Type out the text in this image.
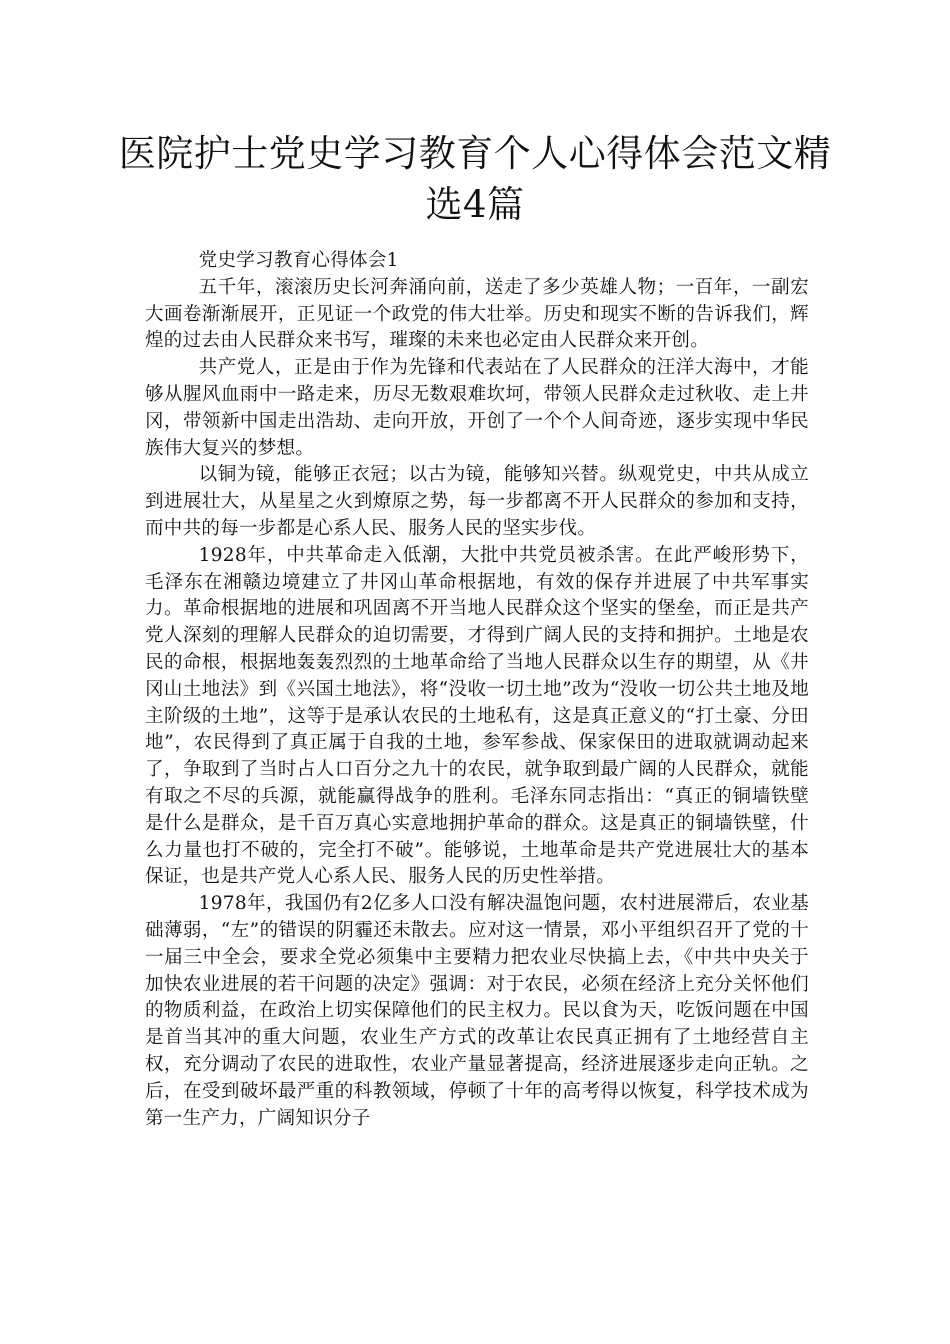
医院护士党史学习教育个人心得体会范文精选4篇

党史学习教育心得体会1

五千年，滚滚历史长河奔涌向前，送走了多少英雄人物；一百年，一副宏大画卷渐渐展开，正见证一个政党的伟大壮举。历史和现实不断的告诉我们，辉煌的过去由人民群众来书写，璀璨的未来也必定由人民群众来开创。

共产党人，正是由于作为先锋和代表站在了人民群众的汪洋大海中，才能够从腥风血雨中一路走来，历尽无数艰难坎坷，带领人民群众走过秋收、走上井冈，带领新中国走出浩劫、走向开放，开创了一个个人间奇迹，逐步实现中华民族伟大复兴的梦想。

以铜为镜，能够正衣冠；以古为镜，能够知兴替。纵观党史，中共从成立到进展壮大，从星星之火到燎原之势，每一步都离不开人民群众的参加和支持，而中共的每一步都是心系人民、服务人民的坚实步伐。

1928年，中共革命走入低潮，大批中共党员被杀害。在此严峻形势下，毛泽东在湘赣边境建立了井冈山革命根据地，有效的保存并进展了中共军事实力。革命根据地的进展和巩固离不开当地人民群众这个坚实的堡垒，而正是共产党人深刻的理解人民群众的迫切需要，才得到广阔人民的支持和拥护。土地是农民的命根，根据地轰轰烈烈的土地革命给了当地人民群众以生存的期望，从《井冈山土地法》到《兴国土地法》，将“没收一切土地”改为“没收一切公共土地及地主阶级的土地”，这等于是承认农民的土地私有，这是真正意义的“打土豪、分田地”，农民得到了真正属于自我的土地，参军参战、保家保田的进取就调动起来了，争取到了当时占人口百分之九十的农民，就争取到最广阔的人民群众，就能有取之不尽的兵源，就能赢得战争的胜利。毛泽东同志指出：“真正的铜墙铁壁是什么是群众，是千百万真心实意地拥护革命的群众。这是真正的铜墙铁壁，什么力量也打不破的，完全打不破”。能够说，土地革命是共产党进展壮大的基本保证，也是共产党人心系人民、服务人民的历史性举措。

1978年，我国仍有2亿多人口没有解决温饱问题，农村进展滞后，农业基础薄弱，“左”的错误的阴霾还未散去。应对这一情景，邓小平组织召开了党的十一届三中全会，要求全党必须集中主要精力把农业尽快搞上去，《中共中央关于加快农业进展的若干问题的决定》强调：对于农民，必须在经济上充分关怀他们的物质利益，在政治上切实保障他们的民主权力。民以食为天，吃饭问题在中国是首当其冲的重大问题，农业生产方式的改革让农民真正拥有了土地经营自主权，充分调动了农民的进取性，农业产量显著提高，经济进展逐步走向正轨。之后，在受到破坏最严重的科教领域，停顿了十年的高考得以恢复，科学技术成为第一生产力，广阔知识分子
